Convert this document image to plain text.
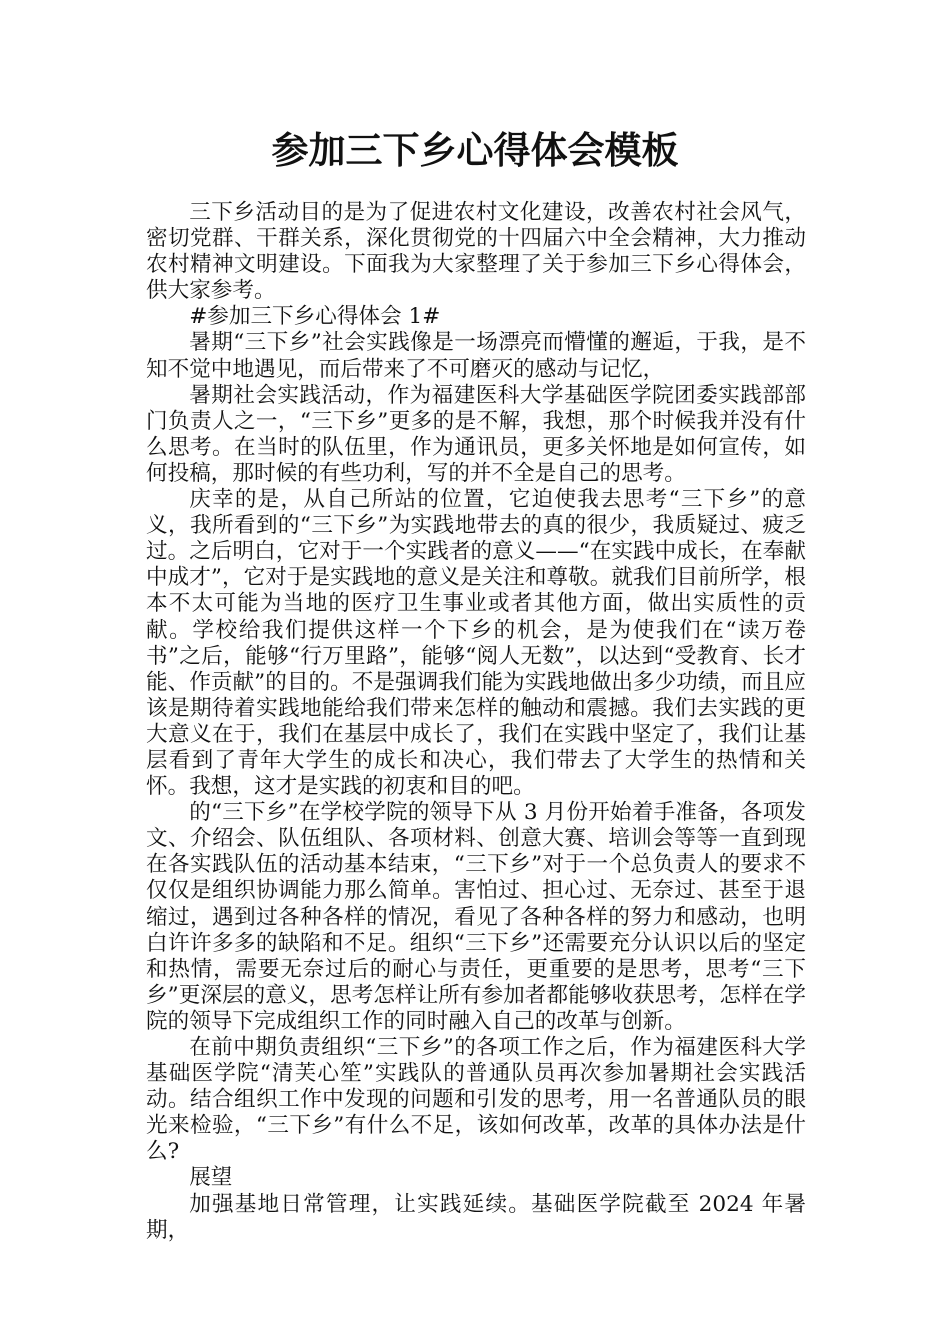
参加三下乡心得体会模板

三下乡活动目的是为了促进农村文化建设，改善农村社会风气，密切党群、干群关系，深化贯彻党的十四届六中全会精神，大力推动农村精神文明建设。下面我为大家整理了关于参加三下乡心得体会，供大家参考。

#参加三下乡心得体会 1#

暑期“三下乡”社会实践像是一场漂亮而懵懂的邂逅，于我，是不知不觉中地遇见，而后带来了不可磨灭的感动与记忆，

暑期社会实践活动，作为福建医科大学基础医学院团委实践部部门负责人之一，“三下乡”更多的是不解，我想，那个时候我并没有什么思考。在当时的队伍里，作为通讯员，更多关怀地是如何宣传，如何投稿，那时候的有些功利，写的并不全是自己的思考。

庆幸的是，从自己所站的位置，它迫使我去思考“三下乡”的意义，我所看到的“三下乡”为实践地带去的真的很少，我质疑过、疲乏过。之后明白，它对于一个实践者的意义——“在实践中成长，在奉献中成才”，它对于是实践地的意义是关注和尊敬。就我们目前所学，根本不太可能为当地的医疗卫生事业或者其他方面，做出实质性的贡献。学校给我们提供这样一个下乡的机会，是为使我们在“读万卷书”之后，能够“行万里路”，能够“阅人无数”，以达到“受教育、长才能、作贡献”的目的。不是强调我们能为实践地做出多少功绩，而且应该是期待着实践地能给我们带来怎样的触动和震撼。我们去实践的更大意义在于，我们在基层中成长了，我们在实践中坚定了，我们让基层看到了青年大学生的成长和决心，我们带去了大学生的热情和关怀。我想，这才是实践的初衷和目的吧。

的“三下乡”在学校学院的领导下从 3 月份开始着手准备，各项发文、介绍会、队伍组队、各项材料、创意大赛、培训会等等一直到现在各实践队伍的活动基本结束，“三下乡”对于一个总负责人的要求不仅仅是组织协调能力那么简单。害怕过、担心过、无奈过、甚至于退缩过，遇到过各种各样的情况，看见了各种各样的努力和感动，也明白许许多多的缺陷和不足。组织“三下乡”还需要充分认识以后的坚定和热情，需要无奈过后的耐心与责任，更重要的是思考，思考“三下乡”更深层的意义，思考怎样让所有参加者都能够收获思考，怎样在学院的领导下完成组织工作的同时融入自己的改革与创新。

在前中期负责组织“三下乡”的各项工作之后，作为福建医科大学基础医学院“清芙心笙”实践队的普通队员再次参加暑期社会实践活动。结合组织工作中发现的问题和引发的思考，用一名普通队员的眼光来检验，“三下乡”有什么不足，该如何改革，改革的具体办法是什么?

展望

加强基地日常管理，让实践延续。基础医学院截至 2024 年暑期，
